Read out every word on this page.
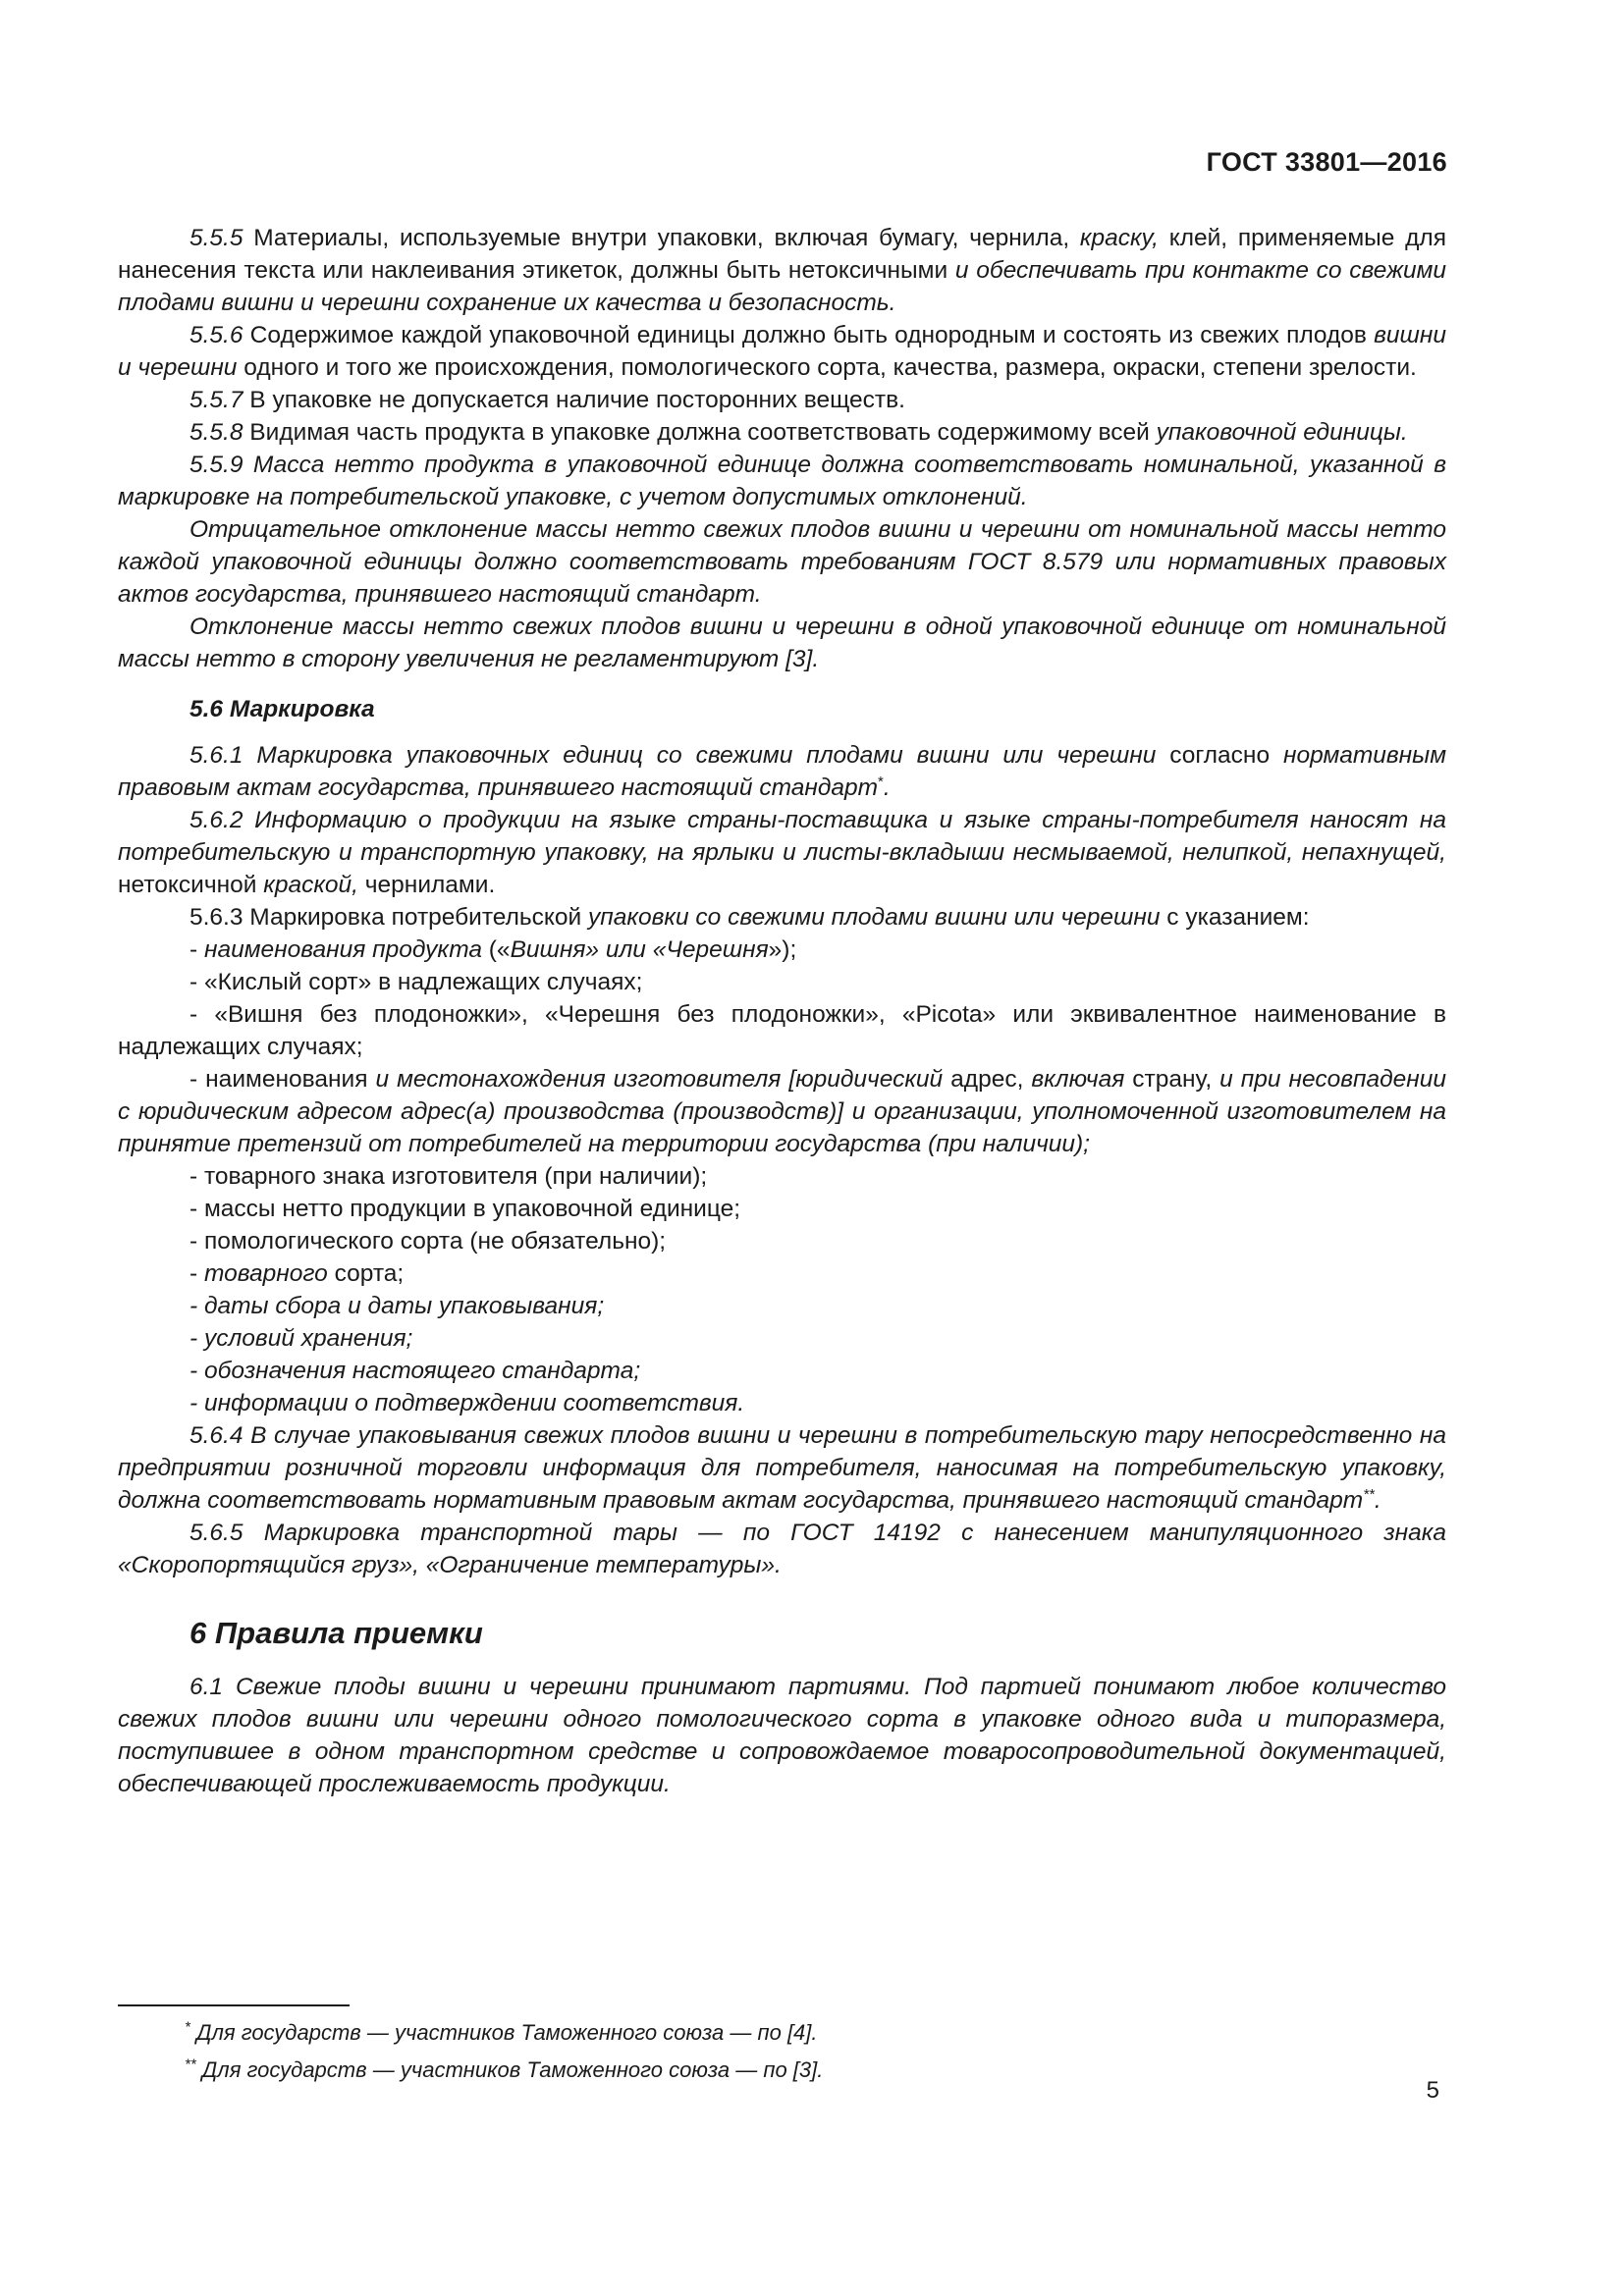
ГОСТ 33801—2016

5.5.5 Материалы, используемые внутри упаковки, включая бумагу, чернила, краску, клей, применяемые для нанесения текста или наклеивания этикеток, должны быть нетоксичными и обеспечивать при контакте со свежими плодами вишни и черешни сохранение их качества и безопасность.

5.5.6 Содержимое каждой упаковочной единицы должно быть однородным и состоять из свежих плодов вишни и черешни одного и того же происхождения, помологического сорта, качества, размера, окраски, степени зрелости.

5.5.7 В упаковке не допускается наличие посторонних веществ.

5.5.8 Видимая часть продукта в упаковке должна соответствовать содержимому всей упаковочной единицы.

5.5.9 Масса нетто продукта в упаковочной единице должна соответствовать номинальной, указанной в маркировке на потребительской упаковке, с учетом допустимых отклонений.

Отрицательное отклонение массы нетто свежих плодов вишни и черешни от номинальной массы нетто каждой упаковочной единицы должно соответствовать требованиям ГОСТ 8.579 или нормативных правовых актов государства, принявшего настоящий стандарт.

Отклонение массы нетто свежих плодов вишни и черешни в одной упаковочной единице от номинальной массы нетто в сторону увеличения не регламентируют [3].

5.6 Маркировка

5.6.1 Маркировка упаковочных единиц со свежими плодами вишни или черешни согласно нормативным правовым актам государства, принявшего настоящий стандарт*.

5.6.2 Информацию о продукции на языке страны-поставщика и языке страны-потребителя наносят на потребительскую и транспортную упаковку, на ярлыки и листы-вкладыши несмываемой, нелипкой, непахнущей, нетоксичной краской, чернилами.

5.6.3 Маркировка потребительской упаковки со свежими плодами вишни или черешни с указанием:

- наименования продукта («Вишня» или «Черешня»);

- «Кислый сорт» в надлежащих случаях;

- «Вишня без плодоножки», «Черешня без плодоножки», «Picota» или эквивалентное наименование в надлежащих случаях;

- наименования и местонахождения изготовителя [юридический адрес, включая страну, и при несовпадении с юридическим адресом адрес(а) производства (производств)] и организации, уполномоченной изготовителем на принятие претензий от потребителей на территории государства (при наличии);

- товарного знака изготовителя (при наличии);

- массы нетто продукции в упаковочной единице;

- помологического сорта (не обязательно);

- товарного сорта;

- даты сбора и даты упаковывания;

- условий хранения;

- обозначения настоящего стандарта;

- информации о подтверждении соответствия.

5.6.4 В случае упаковывания свежих плодов вишни и черешни в потребительскую тару непосредственно на предприятии розничной торговли информация для потребителя, наносимая на потребительскую упаковку, должна соответствовать нормативным правовым актам государства, принявшего настоящий стандарт**.

5.6.5 Маркировка транспортной тары — по ГОСТ 14192 с нанесением манипуляционного знака «Скоропортящийся груз», «Ограничение температуры».

6 Правила приемки

6.1 Свежие плоды вишни и черешни принимают партиями. Под партией понимают любое количество свежих плодов вишни или черешни одного помологического сорта в упаковке одного вида и типоразмера, поступившее в одном транспортном средстве и сопровождаемое товаросопроводительной документацией, обеспечивающей прослеживаемость продукции.

* Для государств — участников Таможенного союза — по [4].

** Для государств — участников Таможенного союза — по [3].

5
